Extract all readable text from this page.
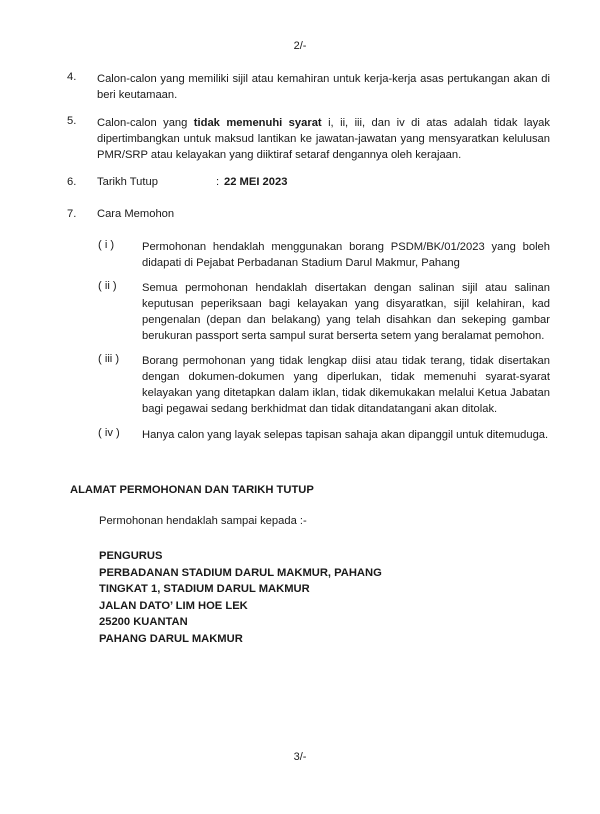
2/-
4. Calon-calon yang memiliki sijil atau kemahiran untuk kerja-kerja asas pertukangan akan di beri keutamaan.
5. Calon-calon yang tidak memenuhi syarat i, ii, iii, dan iv di atas adalah tidak layak dipertimbangkan untuk maksud lantikan ke jawatan-jawatan yang mensyaratkan kelulusan PMR/SRP atau kelayakan yang diiktiraf setaraf dengannya oleh kerajaan.
6. Tarikh Tutup	: 22 MEI 2023
7. Cara Memohon
( i ) Permohonan hendaklah menggunakan borang PSDM/BK/01/2023 yang boleh didapati di Pejabat Perbadanan Stadium Darul Makmur, Pahang
( ii ) Semua permohonan hendaklah disertakan dengan salinan sijil atau salinan keputusan peperiksaan bagi kelayakan yang disyaratkan, sijil kelahiran, kad pengenalan (depan dan belakang) yang telah disahkan dan sekeping gambar berukuran passport serta sampul surat berserta setem yang beralamat pemohon.
( iii ) Borang permohonan yang tidak lengkap diisi atau tidak terang, tidak disertakan dengan dokumen-dokumen yang diperlukan, tidak memenuhi syarat-syarat kelayakan yang ditetapkan dalam iklan, tidak dikemukakan melalui Ketua Jabatan bagi pegawai sedang berkhidmat dan tidak ditandatangani akan ditolak.
( iv ) Hanya calon yang layak selepas tapisan sahaja akan dipanggil untuk ditemuduga.
ALAMAT PERMOHONAN DAN TARIKH TUTUP
Permohonan hendaklah sampai kepada :-
PENGURUS
PERBADANAN STADIUM DARUL MAKMUR, PAHANG
TINGKAT 1, STADIUM DARUL MAKMUR
JALAN DATO’ LIM HOE LEK
25200 KUANTAN
PAHANG DARUL MAKMUR
3/-
